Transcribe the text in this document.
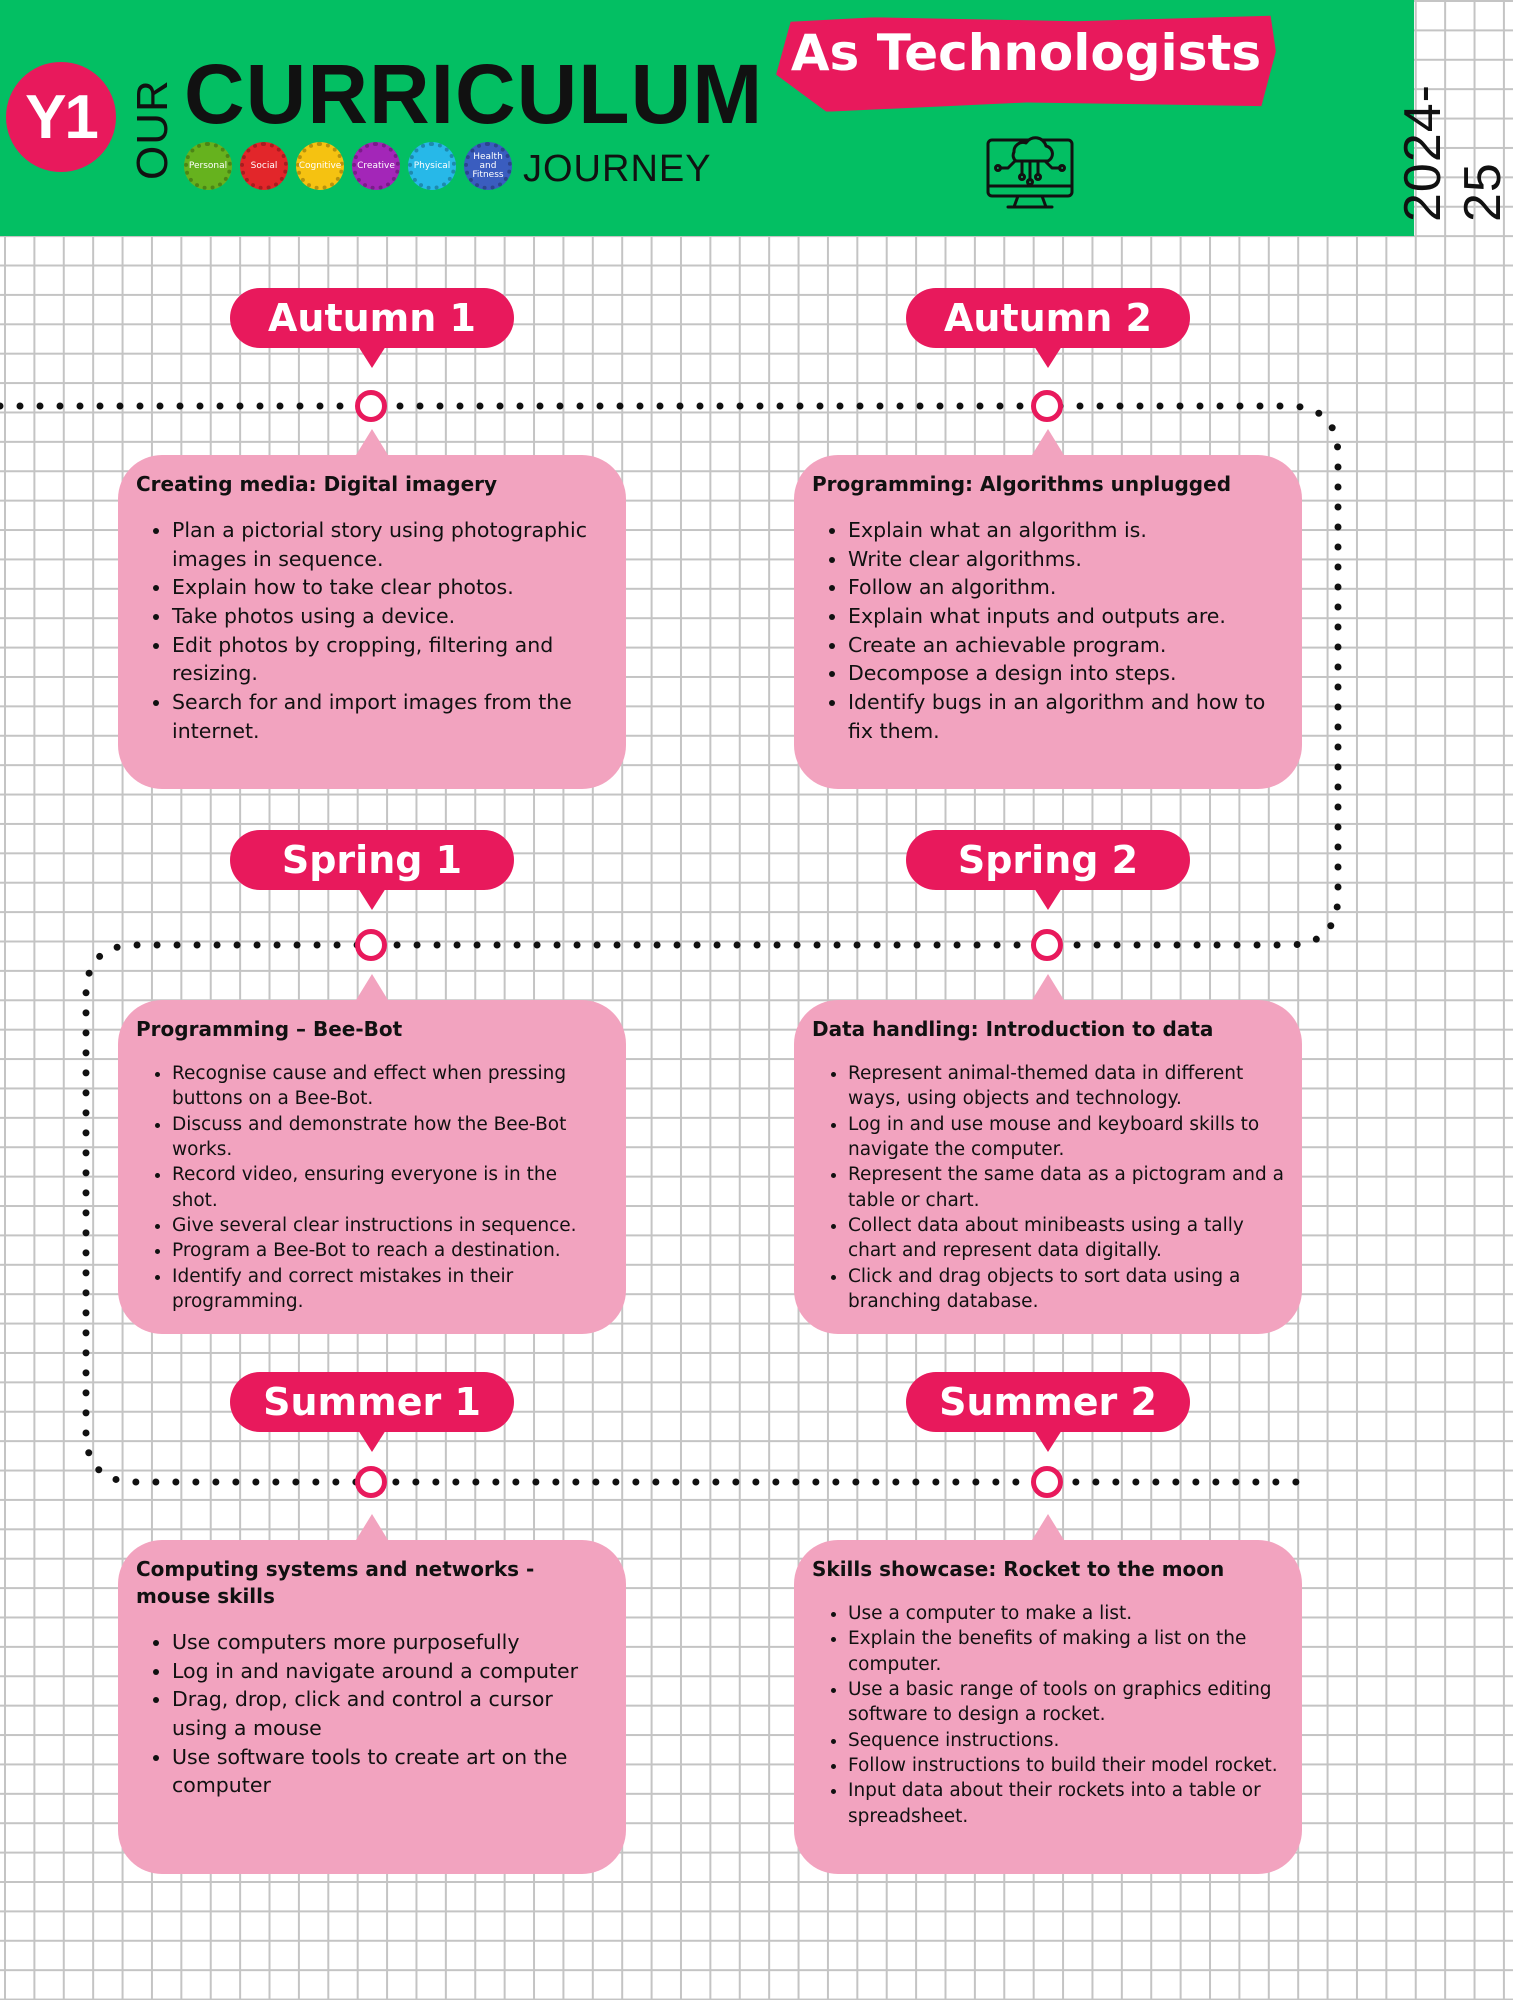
Y1 OUR CURRICULUM
Personal	Social Cognitive Creative Physical
Health and Fitness JOURNEY
As Technologists
2024-25
Autumn 1
Creating media: Digital imagery
• Plan a pictorial story using photographic images in sequence.
• Explain how to take clear photos.
• Take photos using a device.
• Edit photos by cropping, filtering and resizing.
• Search for and import images from the internet.
Autumn 2
Programming: Algorithms unplugged
• Explain what an algorithm is.
• Write clear algorithms.
• Follow an algorithm.
• Explain what inputs and outputs are.
• Create an achievable program.
• Decompose a design into steps.
• Identify bugs in an algorithm and how to fix them.
Spring 1
Programming – Bee-Bot
• Recognise cause and effect when pressing buttons on a Bee-Bot.
• Discuss and demonstrate how the Bee-Bot works.
• Record video, ensuring everyone is in the shot.
• Give several clear instructions in sequence.
• Program a Bee-Bot to reach a destination.
• Identify and correct mistakes in their programming.
Spring 2
Data handling: Introduction to data
• Represent animal-themed data in different ways, using objects and technology.
• Log in and use mouse and keyboard skills to navigate the computer.
• Represent the same data as a pictogram and a table or chart.
• Collect data about minibeasts using a tally chart and represent data digitally.
• Click and drag objects to sort data using a branching database.
Summer 1
Computing systems and networks - mouse skills
• Use computers more purposefully
• Log in and navigate around a computer
• Drag, drop, click and control a cursor using a mouse
• Use software tools to create art on the computer
Summer 2
Skills showcase: Rocket to the moon
• Use a computer to make a list.
• Explain the benefits of making a list on the computer.
• Use a basic range of tools on graphics editing software to design a rocket.
• Sequence instructions.
• Follow instructions to build their model rocket.
• Input data about their rockets into a table or spreadsheet.
